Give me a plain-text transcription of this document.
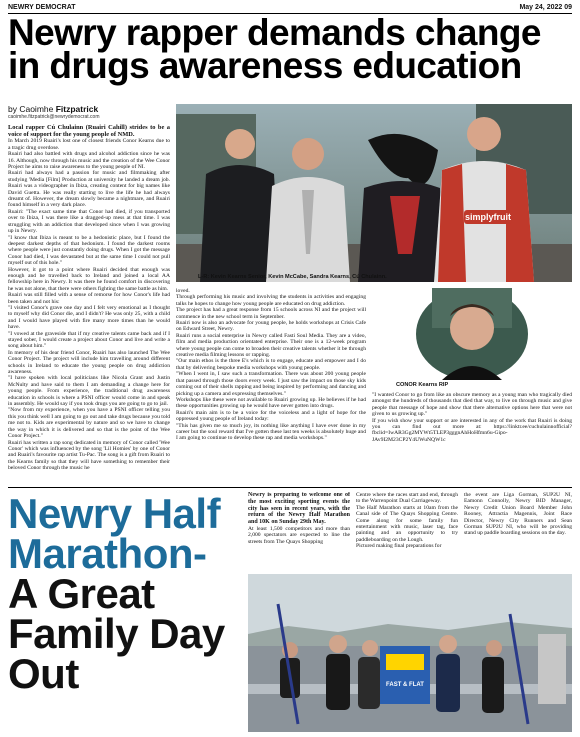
NEWRY DEMOCRAT	May 24, 2022 09
Newry rapper demands change in drugs awareness education
by Caoimhe Fitzpatrick
caoimhe.fitzpatrick@newrydemocrat.com

Local rapper Cú Chulainn (Ruairi Cahill) strides to be a voice of support for the young people of NMD.

In March 2019 Ruairi's lost one of closest friends Conor Kearns due to a tragic drug overdose.

Ruairi had also battled with drugs and alcohol addiction since he was 16. Although, now through his music and the creation of the Wee Conor Project he aims to raise awareness to the young people of NI.

Ruairi had always had a passion for music and filmmaking after studying 'Media [Film] Production at university he landed a dream job. Ruairi was a videographer in Ibiza, creating content for big names like David Guetta. He was really starting to live the life he had always dreamt of. However, the dream slowly became a nightmare, and Ruairi found himself in a very dark place.

Ruairi: "The exact same time that Conor had died, if you transported over to Ibiza, I was there like a dragged-up mess at that time. I was struggling with an addiction that developed since when I was growing up in Newry.

"I know that Ibiza is meant to be a hedonistic place, but I found the deepest darkest depths of that hedonism. I found the darkest rooms where people were just constantly doing drugs. When I got the message Conor had died, I was devastated but at the same time I could not pull myself out of this hole."

However, it got to a point where Ruairi decided that enough was enough and he travelled back to Ireland and joined a local AA fellowship here in Newry. It was there he found comfort in discovering he was not alone, that there were others fighting the same battle as him.

Ruairi was still filled with a sense of remorse for how Conor's life had been taken and not his:

"I visited Conor's grave one day and I felt very emotional as I thought to myself why did Conor die, and I didn't? He was only 25, with a child and I would have played with fire many more times than he would have.

"I vowed at the graveside that if my creative talents came back and if I stayed sober, I would create a project about Conor and live and write a song about him."

In memory of his dear friend Conor, Ruairi has also launched The Wee Conor Project. The project will include him travelling around different schools in Ireland to educate the young people on drug addiction awareness.

"I have spoken with local politicians like Nicola Grant and Justin McNulty and have said to them I am demanding a change here for young people. From experience, the traditional drug awareness education in schools is where a PSNI officer would come in and speak in assembly. He would say if you took drugs you are going to go to jail.

"Now from my experience, when you have a PSNI officer telling you this you think well I am going to go out and take drugs because you told me not to. Kids are experimental by nature and so we have to change the way in which it is delivered and so that is the point of the Wee Conor Project."

Ruairi has written a rap song dedicated in memory of Conor called 'Wee Conor' which was influenced by the song 'Lil Homies' by one of Conor and Ruairi's favourite rap artist Tu-Pac. The song is a gift from Ruairi to the Kearns family so that they will have something to remember their beloved Conor through the music he

simplyfruit
L-R: Kevin Kearns Senior, Kevin McCabe, Sandra Kearns, Cú Chulainn.

loved.

Through performing his music and involving the students in activities and engaging talks he hopes to change how young people are educated on drug addiction.

The project has had a great response from 15 schools across NI and the project will commence in the new school term in September.

Ruairi now is also an advocate for young people, he holds workshops at Crisis Cafe on Edward Street, Newry.

Ruairi runs a social enterprise in Newry called Fasti Soul Media. They are a video, film and media production orientated enterprise. Their one is a 12-week program where young people can come to broaden their creative talents whether it be through creative media filming lessons or rapping.

"Our main ethos is the three E's which is to engage, educate and empower and I do that by delivering bespoke media workshops with young people.

"When I went in, I saw such a transformation. There was about 200 young people that passed through those doors every week. I just saw the impact on those sky kids coming out of their shells rapping and being inspired by performing and dancing and picking up a camera and expressing themselves."

Workshops like these were not available to Ruairi growing up. He believes if he had these opportunities growing up he would have never gotten into drugs.

Ruairi's main aim is to be a voice for the voiceless and a light of hope for the oppressed young people of Ireland today:

"This has given me so much joy, its nothing like anything I have ever done in my career but the soul reward that I've gotten these last ten weeks is absolutely huge and I am going to continue to develop these rap and media workshops."

CONOR Kearns RIP

"I wanted Conor to go from like an obscure memory as a young man who tragically died amongst the hundreds of thousands that died that way, to live on through music and give people that message of hope and show that there alternative options here that were not given to us growing up."

If you wish show your support or are interested in any of the work that Ruairi is doing you can find out more at: https://linktr.ee/cuchulainnofficial?fbclid=IwAR3Gg2MYWt5TLEP3gggnAhHoHfmn6u-Gipo-JAv9I2M23CP2Y4UWuNQW1c

Newry Half Marathon- A Great Family Day Out

Newry is preparing to welcome one of the most exciting sporting events the city has seen in recent years, with the return of the Newry Half Marathon and 10K on Sunday 29th May.

At least 1,500 competitors and more than 2,000 spectators are expected to line the streets from The Quays Shopping

Centre where the races start and end, through to the Warrenpoint Dual Carriageway.

The Half Marathon starts at 10am from the Canal side of The Quays Shopping Centre. Come along for some family fun entertainment with music, laser tag, face painting and an opportunity to try paddleboarding on the Lough.

Pictured making final preparations for

the event are Liga Gorman, SUP2U NI, Eamonn Connolly, Newry BID Manager, Newry Credit Union Board Member John Rooney, Attractia Magennis, Joint Race Director, Newry City Runners and Sean Gorman SUP2U NI, who will be providing stand up paddle boarding sessions on the day.

FAST & FLAT
